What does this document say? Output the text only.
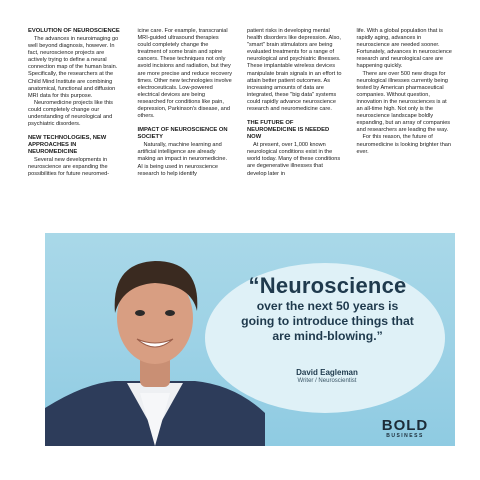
EVOLUTION OF NEUROSCIENCE

The advances in neuroimaging go well beyond diagnosis, however. In fact, neuroscience projects are actively trying to define a neural connection map of the human brain. Specifically, the researchers at the Child Mind Institute are combining anatomical, functional and diffusion MRI data for this purpose.

Neuromedicine projects like this could completely change our understanding of neurological and psychiatric disorders.

NEW TECHNOLOGIES, NEW APPROACHES IN NEUROMEDICINE

Several new developments in neuroscience are expanding the possibilities for future neuromed-

icine care. For example, transcranial MRI-guided ultrasound therapies could completely change the treatment of some brain and spine cancers. These techniques not only avoid incisions and radiation, but they are more precise and reduce recovery times. Other new technologies involve electroceuticals. Low-powered electrical devices are being researched for conditions like pain, depression, Parkinson's disease, and others.

IMPACT OF NEUROSCIENCE ON SOCIETY

Naturally, machine learning and artificial intelligence are already making an impact in neuromedicine. AI is being used in neuroscience research to help identify

patient risks in developing mental health disorders like depression. Also, "smart" brain stimulators are being evaluated treatments for a range of neurological and psychiatric illnesses. These implantable wireless devices manipulate brain signals in an effort to attain better patient outcomes. As increasing amounts of data are integrated, these "big data" systems could rapidly advance neuroscience research and neuromedicine care.

THE FUTURE OF NEUROMEDICINE IS NEEDED NOW

At present, over 1,000 known neurological conditions exist in the world today. Many of these conditions are degenerative illnesses that develop later in

life. With a global population that is rapidly aging, advances in neuroscience are needed sooner. Fortunately, advances in neuroscience research and neurological care are happening quickly.

There are over 500 new drugs for neurological illnesses currently being tested by American pharmaceutical companies. Without question, innovation in the neurosciences is at an all-time high. Not only is the neuroscience landscape boldly expanding, but an array of companies and researchers are leading the way.

For this reason, the future of neuromedicine is looking brighter than ever.

“Neuroscience
over the next 50 years is
going to introduce things that
are mind-blowing.”
David Eagleman
Writer / Neuroscientist
BOLD
BUSINESS
